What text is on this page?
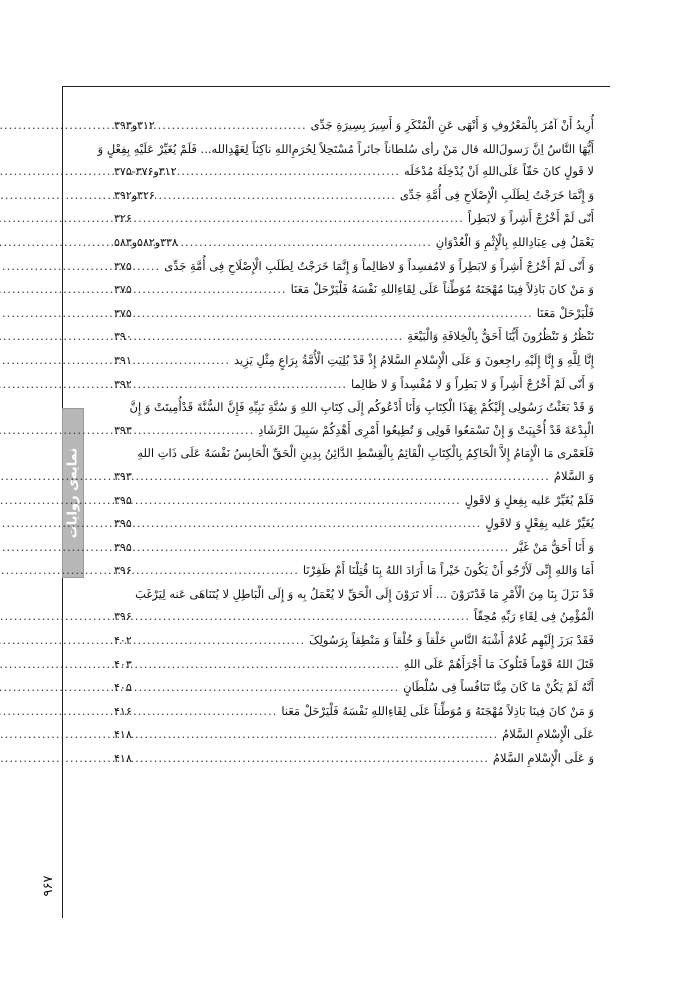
نمایه‌ی روایات
۹۶۷
أُرِیدُ أَنْ آمُرَ بِالْمَعْرُوفِ وَ أَنْهَی عَنِ الْمُنْکَرِ وَ أَسِیرَ بِسِیرَةِ جَدِّی
.....
۳۱۲و۳۹۳
أَیُّهَا النَّاسُ اِنَّ رَسولَ‌الله قال مَنْ رأی سُلطاناً جائراً مُسْتَحِلاً لِحُرَمِ‌اللهِ ناکِثاً لِعَهْدِالله... فَلَمْ یُغَیِّرْ عَلَیْهِ بِفِعْلٍ وَ
لا قَولٍ کانَ حَقّاً عَلَی‌اللهِ اَنْ یُدْخِلَهُ مُدْخَلَه
.....
۳۱۲و۳۷۶-۳۷۵
وَ إِنَّمَا خَرَجْتُ لِطَلَبِ الْإِصْلَاحِ فِی أُمَّةِ جَدِّی
.....
۳۲۶و۳۹۲
أَنّی لَمْ أَخْرُجْ أَشِراً وَ لابَطِراً
.....
۳۲۶
یَعْمَلُ فِی عِبَادِاللهِ بِالْإِثْمِ وَ الْعُدْوَانِ
.....
۳۳۸و۵۸۲و۵۸۳
وَ أَنّی لَمْ أَخْرُجْ أَشِراً وَ لابَطِراً وَ لامُفسِداً وَ لاظالِماً وَ إِنَّمَا خَرَجْتُ لِطَلَبِ الْإِصْلَاحِ فِی أُمَّةِ جَدِّی
.....
۳۷۵
وَ مَنْ کانَ بَاذِلاً فِینَا مُهْجَتَهُ مُوَطِّناً عَلَی لِقَاءِاللهِ نَفْسَهُ فَلْیَرْحَلْ مَعَنَا
.....
۳۷۵
فَلْیَرْحَلْ مَعَنَا
.....
۳۷۵
نَنْظُرُ وَ تَنْظُرُونَ أَیُّنَا أَحَقُّ بِالْخِلافَةِ وَالْبَیْعَةِ
.....
۳۹۰
إِنَّا لِلَّهِ وَ إِنَّا إِلَیْهِ راجِعونَ وَ عَلَی الْإِسْلامِ السَّلامُ إِذْ قَدْ بُلِیَتِ الْأُمَّةُ بِرَاعٍ مِثْلِ یَزِید
.....
۳۹۱
وَ أَنّی لَمْ أَخْرُجْ أَشِراً وَ لا بَطِراً وَ لا مُفْسِداً وَ لا ظالِما
.....
۳۹۲
وَ قَدْ بَعَثْتُ رَسُولِی إِلَیْکُمْ بِهَذَا الْکِتَابِ وَأَنَا أَدْعُوکُم إِلَی کِتَابِ اللهِ وَ سُنَّةِ نَبِیِّهِ فَإِنَّ السُّنَّةَ قَدْأُمِیتَتْ وَ إِنَّ
الْبِدْعَةَ قَدْ أُحْیِیَتْ وَ إِنْ تَسْمَعُوا قَولِی وَ تُطِیعُوا أَمْرِی أَهْدِکُمْ سَبِیلَ الرَّشَادِ
.....
۳۹۳
فَلَعَمْری مَا الْإِمَامُ إِلاَّ الْحَاکِمُ بِالْکِتَابِ الْقَائِمُ بِالْقِسْطِ الدَّائِنُ بِدِینِ الْحَقِّ الْحَابِسُ نَفْسَهُ عَلَی ذَاتِ اللهِ
وَ السَّلامُ
.....
۳۹۳
فَلَمْ یُغَیِّرْ عَلیه بِفِعلٍ وَ لاقَولٍ
.....
۳۹۵
یُغَیِّرْ عَلیه بِفِعْلٍ وَ لاقَولٍ
.....
۳۹۵
وَ أَنَا أَحَقُّ مَنْ غَیَّر
.....
۳۹۵
أَمَا وَاللهِ إِنِّی لَأَرْجُو أَنْ یَکُونَ خَیْراً مَا أَرَادَ اللهُ بِنَا قُتِلْنَا أَمْ ظَفِرْنَا
.....
۳۹۶
قَدْ نَزَلَ بِنَا مِنَ الْأَمْرِ مَا قَدْتَرَوْنَ ... أَلا تَرَوْنَ إِلَی الْحَقِّ لا یُعْمَلُ بِه وَ إِلَی الْبَاطِلِ لا یُتَنَاهَی عَنه لِیَرْغَبَ
الْمُؤْمِنُ فِی لِقَاءِ رَبِّهِ مُحِقّاً
.....
۳۹۶
فَقَدْ بَرَزَ إِلَیْهِم غُلامٌ أَشْبَهُ النَّاسِ خَلْقاً وَ خُلْقاً وَ مَنْطِقاً بِرَسُولِکَ
.....
۴۰۲
قَتَلَ اللهُ قَوْماً قَتَلُوکَ مَا أَجْرَأَهُمْ عَلَی اللهِ
.....
۴۰۳
أَنَّهُ لَمْ یَکُنْ مَا کَانَ مِنَّا تَنَافُساً فِی سُلْطَانٍ
.....
۴۰۵
وَ مَنْ کانَ فِینَا بَاذِلاً مُهْجَتَهُ وَ مُوَطِّناً عَلَی لِقَاءِاللهِ نَفْسَهُ فَلْیَرْحَلْ مَعَنا
.....
۴۱۶
عَلَی الْإِسْلامِ السَّلامُ
.....
۴۱۸
وَ عَلَی الْإِسْلامِ السَّلامُ
.....
۴۱۸
